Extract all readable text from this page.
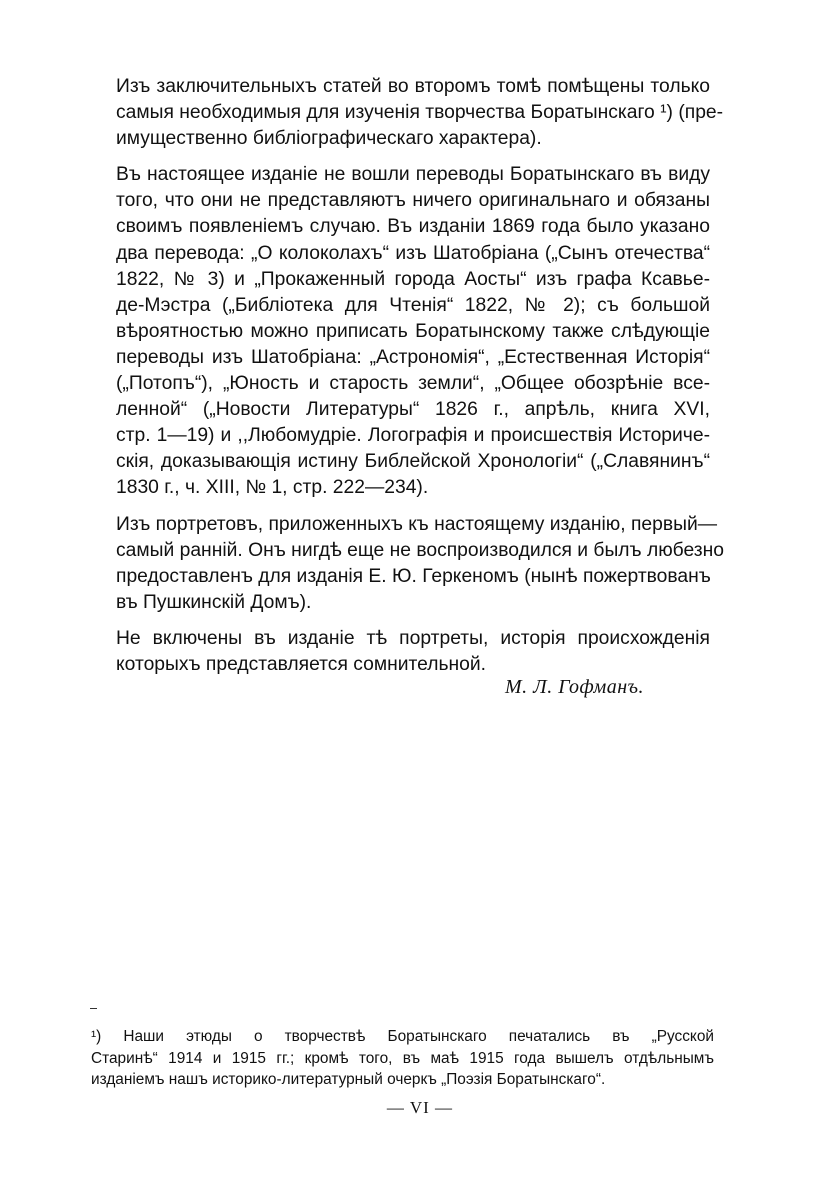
Изъ заключительныхъ статей во второмъ томѣ помѣщены только
самыя необходимыя для изученія творчества Боратынскаго ¹) (пре-
имущественно библіографическаго характера).

Въ настоящее изданіе не вошли переводы Боратынскаго въ виду
того, что они не представляютъ ничего оригинальнаго и обязаны
своимъ появленіемъ случаю. Въ изданіи 1869 года было указано
два перевода: „О колоколахъ“ изъ Шатобріана („Сынъ отечества“
1822, № 3) и „Прокаженный города Аосты“ изъ графа Ксавье-
де-Мэстра („Библіотека для Чтенія“ 1822, № 2); съ большой
вѣроятностью можно приписать Боратынскому также слѣдующіе
переводы изъ Шатобріана: „Астрономія“, „Естественная Исторія“
(„Потопъ“), „Юность и старость земли“, „Общее обозрѣніе все-
ленной“ („Новости Литературы“ 1826 г., апрѣль, книга XVI,
стр. 1—19) и ,,Любомудріе. Логографія и происшествія Историче-
скія, доказывающія истину Библейской Хронологіи“ („Славянинъ“
1830 г., ч. XIII, № 1, стр. 222—234).

Изъ портретовъ, приложенныхъ къ настоящему изданію, первый—
самый ранній. Онъ нигдѣ еще не воспроизводился и былъ любезно
предоставленъ для изданія Е. Ю. Геркеномъ (нынѣ пожертвованъ
въ Пушкинскій Домъ).

Не включены въ изданіе тѣ портреты, исторія происхожденія
которыхъ представляется сомнительной.

М. Л. Гофманъ.
¹) Наши этюды о творчествѣ Боратынскаго печатались въ „Русской
Старинѣ“ 1914 и 1915 гг.; кромѣ того, въ маѣ 1915 года вышелъ отдѣльнымъ
изданіемъ нашъ историко-литературный очеркъ „Поэзія Боратынскаго“.
— VI —
